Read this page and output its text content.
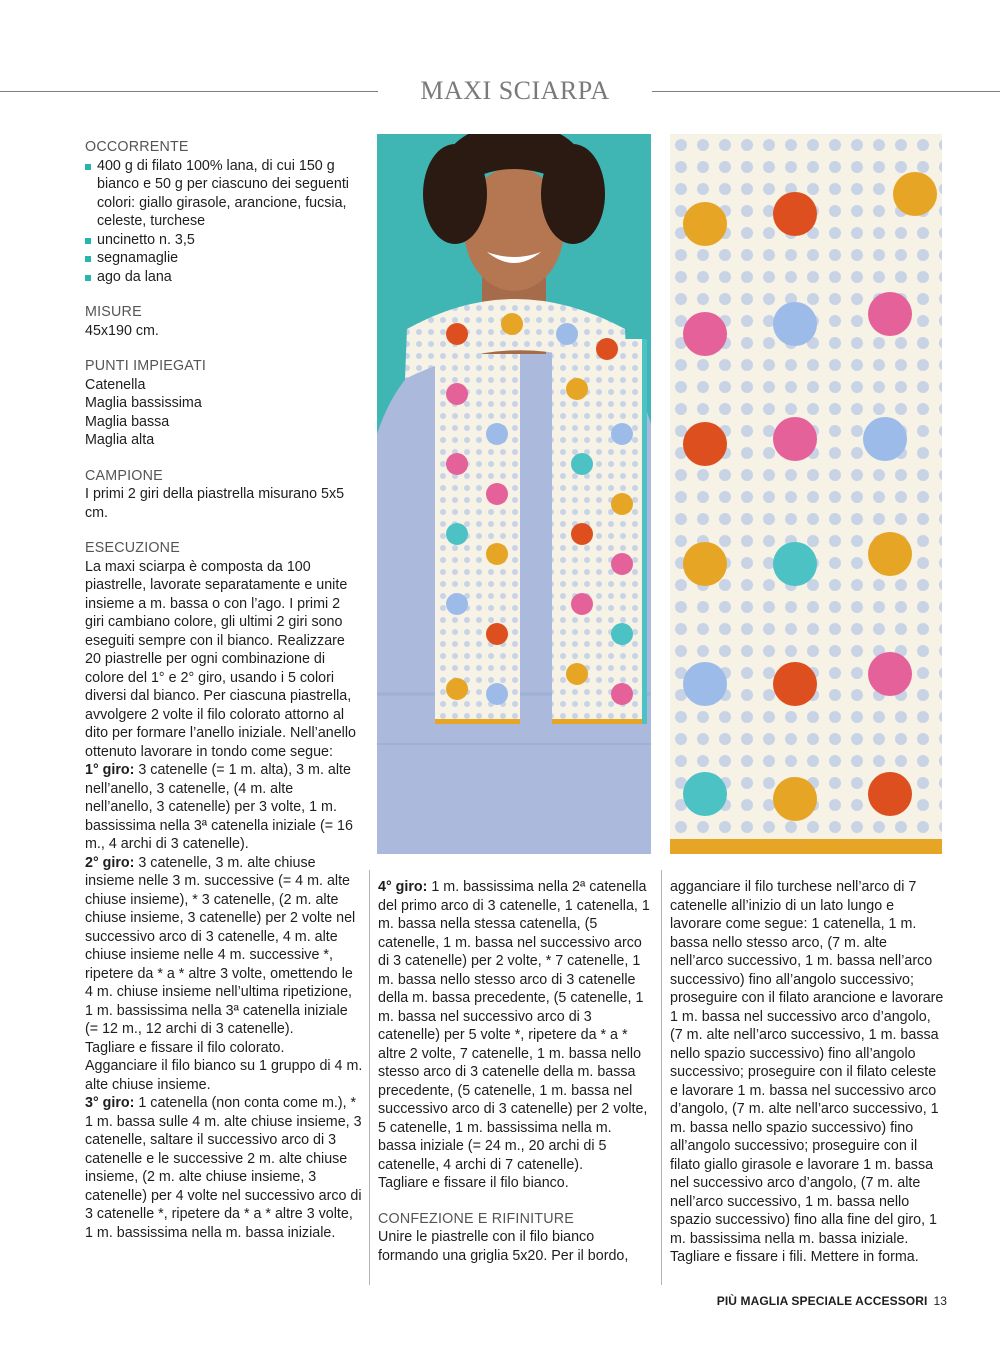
MAXI SCIARPA

OCCORRENTE

400 g di filato 100% lana, di cui 150 g bianco e 50 g per ciascuno dei seguenti colori: giallo girasole, arancione, fucsia, celeste, turchese

uncinetto n. 3,5

segnamaglie

ago da lana

MISURE

45x190 cm.

PUNTI IMPIEGATI

Catenella

Maglia bassissima

Maglia bassa

Maglia alta

CAMPIONE

I primi 2 giri della piastrella misurano 5x5 cm.

ESECUZIONE

La maxi sciarpa è composta da 100 piastrelle, lavorate separatamente e unite insieme a m. bassa o con l’ago. I primi 2 giri cambiano colore, gli ultimi 2 giri sono eseguiti sempre con il bianco. Realizzare 20 piastrelle per ogni combinazione di colore del 1° e 2° giro, usando i 5 colori diversi dal bianco. Per ciascuna piastrella, avvolgere 2 volte il filo colorato attorno al dito per formare l’anello iniziale. Nell’anello ottenuto lavorare in tondo come segue:

1° giro: 3 catenelle (= 1 m. alta), 3 m. alte nell’anello, 3 catenelle, (4 m. alte nell’anello, 3 catenelle) per 3 volte, 1 m. bassissima nella 3ª catenella iniziale (= 16 m., 4 archi di 3 catenelle).

2° giro: 3 catenelle, 3 m. alte chiuse insieme nelle 3 m. successive (= 4 m. alte chiuse insieme), * 3 catenelle, (2 m. alte chiuse insieme, 3 catenelle) per 2 volte nel successivo arco di 3 catenelle, 4 m. alte chiuse insieme nelle 4 m. successive *, ripetere da * a * altre 3 volte, omettendo le 4 m. chiuse insieme nell’ultima ripetizione, 1 m. bassissima nella 3ª catenella iniziale (= 12 m., 12 archi di 3 catenelle).

Tagliare e fissare il filo colorato.

Agganciare il filo bianco su 1 gruppo di 4 m. alte chiuse insieme.

3° giro: 1 catenella (non conta come m.), * 1 m. bassa sulle 4 m. alte chiuse insieme, 3 catenelle, saltare il successivo arco di 3 catenelle e le successive 2 m. alte chiuse insieme, (2 m. alte chiuse insieme, 3 catenelle) per 4 volte nel successivo arco di 3 catenelle *, ripetere da * a * altre 3 volte, 1 m. bassissima nella m. bassa iniziale.

4° giro: 1 m. bassissima nella 2ª catenella del primo arco di 3 catenelle, 1 catenella, 1 m. bassa nella stessa catenella, (5 catenelle, 1 m. bassa nel successivo arco di 3 catenelle) per 2 volte, * 7 catenelle, 1 m. bassa nello stesso arco di 3 catenelle della m. bassa precedente, (5 catenelle, 1 m. bassa nel successivo arco di 3 catenelle) per 5 volte *, ripetere da * a * altre 2 volte, 7 catenelle, 1 m. bassa nello stesso arco di 3 catenelle della m. bassa precedente, (5 catenelle, 1 m. bassa nel successivo arco di 3 catenelle) per 2 volte, 5 catenelle, 1 m. bassissima nella m. bassa iniziale (= 24 m., 20 archi di 5 catenelle, 4 archi di 7 catenelle).

Tagliare e fissare il filo bianco.

CONFEZIONE E RIFINITURE

Unire le piastrelle con il filo bianco formando una griglia 5x20. Per il bordo,

agganciare il filo turchese nell’arco di 7 catenelle all’inizio di un lato lungo e lavorare come segue: 1 catenella, 1 m. bassa nello stesso arco, (7 m. alte nell’arco successivo, 1 m. bassa nell’arco successivo) fino all’angolo successivo; proseguire con il filato arancione e lavorare 1 m. bassa nel successivo arco d’angolo, (7 m. alte nell’arco successivo, 1 m. bassa nello spazio successivo) fino all’angolo successivo; proseguire con il filato celeste e lavorare 1 m. bassa nel successivo arco d’angolo, (7 m. alte nell’arco successivo, 1 m. bassa nello spazio successivo) fino all’angolo successivo; proseguire con il filato giallo girasole e lavorare 1 m. bassa nel successivo arco d’angolo, (7 m. alte nell’arco successivo, 1 m. bassa nello spazio successivo) fino alla fine del giro, 1 m. bassissima nella m. bassa iniziale. Tagliare e fissare i fili. Mettere in forma.

PIÙ MAGLIA SPECIALE ACCESSORI 13
